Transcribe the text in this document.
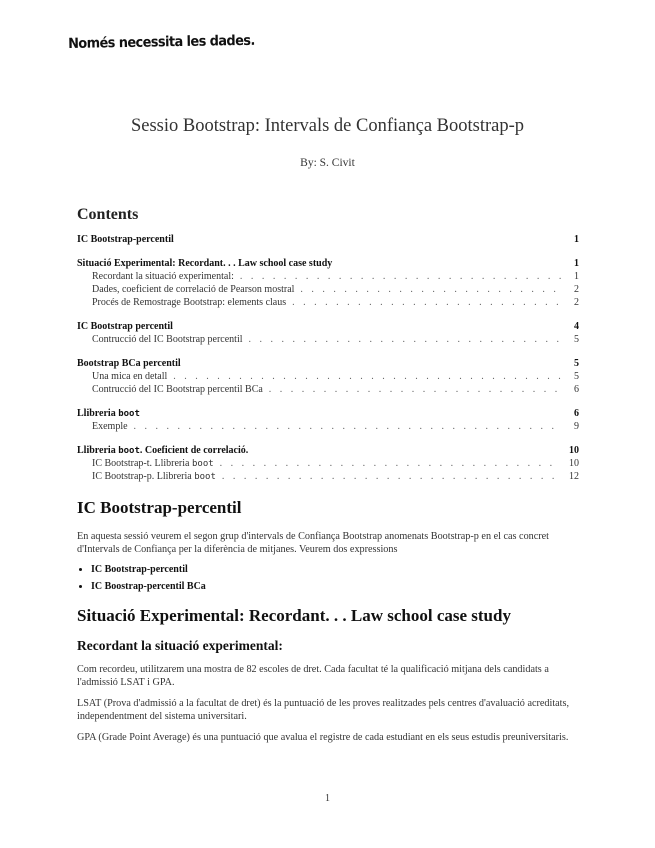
Només necessita les dades.
Sessio Bootstrap: Intervals de Confiança Bootstrap-p
By: S. Civit
Contents
IC Bootstrap-percentil	1
Situació Experimental: Recordant. . . Law school case study	1
Recordant la situació experimental: . . .	1
Dades, coeficient de correlació de Pearson mostral . . .	2
Procés de Remostrage Bootstrap: elements claus . . .	2
IC Bootstrap percentil	4
Contrucció del IC Bootstrap percentil . . .	5
Bootstrap BCa percentil	5
Una mica en detall . . .	5
Contrucció del IC Bootstrap percentil BCa . . .	6
Llibreria boot	6
Exemple . . .	9
Llibreria boot. Coeficient de correlació.	10
IC Bootstrap-t. Llibreria boot . . .	10
IC Bootstrap-p. Llibreria boot . . .	12
IC Bootstrap-percentil
En aquesta sessió veurem el segon grup d'intervals de Confiança Bootstrap anomenats Bootstrap-p en el cas concret d'Intervals de Confiança per la diferència de mitjanes. Veurem dos expressions
• IC Bootstrap-percentil
• IC Boostrap-percentil BCa
Situació Experimental: Recordant. . . Law school case study
Recordant la situació experimental:
Com recordeu, utilitzarem una mostra de 82 escoles de dret. Cada facultat té la qualificació mitjana dels candidats a l'admissió LSAT i GPA.
LSAT (Prova d'admissió a la facultat de dret) és la puntuació de les proves realitzades pels centres d'avaluació acreditats, independentment del sistema universitari.
GPA (Grade Point Average) és una puntuació que avalua el registre de cada estudiant en els seus estudis preuniversitaris.
1
